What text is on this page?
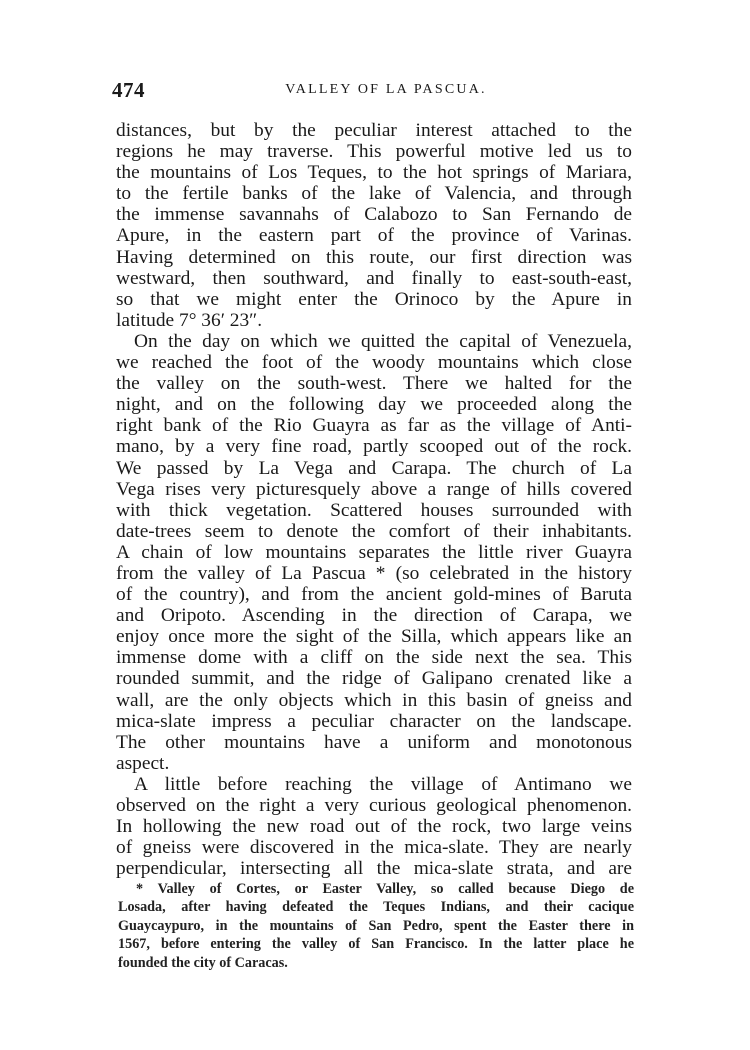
474	VALLEY OF LA PASCUA.
distances, but by the peculiar interest attached to the
regions he may traverse. This powerful motive led us to
the mountains of Los Teques, to the hot springs of Mariara,
to the fertile banks of the lake of Valencia, and through
the immense savannahs of Calabozo to San Fernando de
Apure, in the eastern part of the province of Varinas.
Having determined on this route, our first direction was
westward, then southward, and finally to east-south-east,
so that we might enter the Orinoco by the Apure in
latitude 7° 36′ 23″.
On the day on which we quitted the capital of Venezuela,
we reached the foot of the woody mountains which close
the valley on the south-west. There we halted for the
night, and on the following day we proceeded along the
right bank of the Rio Guayra as far as the village of Anti-
mano, by a very fine road, partly scooped out of the rock.
We passed by La Vega and Carapa. The church of La
Vega rises very picturesquely above a range of hills covered
with thick vegetation. Scattered houses surrounded with
date-trees seem to denote the comfort of their inhabitants.
A chain of low mountains separates the little river Guayra
from the valley of La Pascua * (so celebrated in the history
of the country), and from the ancient gold-mines of Baruta
and Oripoto. Ascending in the direction of Carapa, we
enjoy once more the sight of the Silla, which appears like an
immense dome with a cliff on the side next the sea. This
rounded summit, and the ridge of Galipano crenated like a
wall, are the only objects which in this basin of gneiss and
mica-slate impress a peculiar character on the landscape.
The other mountains have a uniform and monotonous
aspect.
A little before reaching the village of Antimano we
observed on the right a very curious geological phenomenon.
In hollowing the new road out of the rock, two large veins
of gneiss were discovered in the mica-slate. They are nearly
perpendicular, intersecting all the mica-slate strata, and are
* Valley of Cortes, or Easter Valley, so called because Diego de
Losada, after having defeated the Teques Indians, and their cacique
Guaycaypuro, in the mountains of San Pedro, spent the Easter there in
1567, before entering the valley of San Francisco. In the latter place he
founded the city of Caracas.
